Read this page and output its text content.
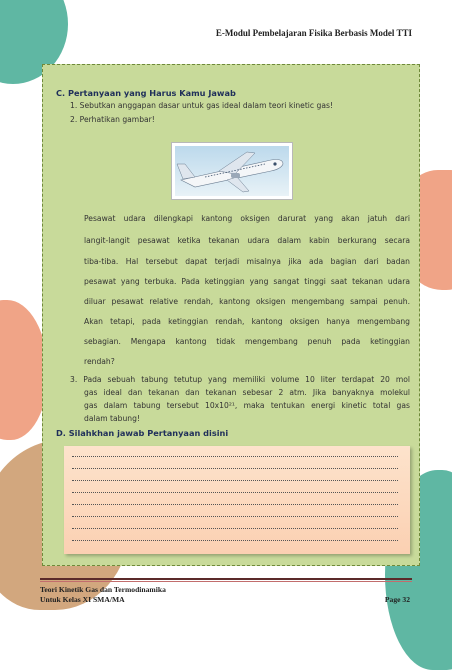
E-Modul Pembelajaran Fisika Berbasis Model TTI
C. Pertanyaan yang Harus Kamu Jawab
1. Sebutkan anggapan dasar untuk gas ideal dalam teori kinetic gas!
2. Perhatikan gambar!
Pesawat udara dilengkapi kantong oksigen darurat yang akan jatuh dari
langit-langit pesawat ketika tekanan udara dalam kabin berkurang secara
tiba-tiba. Hal tersebut dapat terjadi misalnya jika ada bagian dari badan
pesawat yang terbuka. Pada ketinggian yang sangat tinggi saat tekanan udara
diluar pesawat relative rendah, kantong oksigen mengembang sampai penuh.
Akan tetapi, pada ketinggian rendah, kantong oksigen hanya mengembang
sebagian. Mengapa kantong tidak mengembang penuh pada ketinggian
rendah?
3. Pada sebuah tabung tetutup yang memiliki volume 10 liter terdapat 20 mol
gas ideal dan tekanan dan tekanan sebesar 2 atm. Jika banyaknya molekul
gas dalam tabung tersebut 10x10²¹, maka tentukan energi kinetic total gas
dalam tabung!
D. Silahkhan jawab Pertanyaan disini
Teori Kinetik Gas dan Termodinamika
Untuk Kelas XI SMA/MA	Page 32
